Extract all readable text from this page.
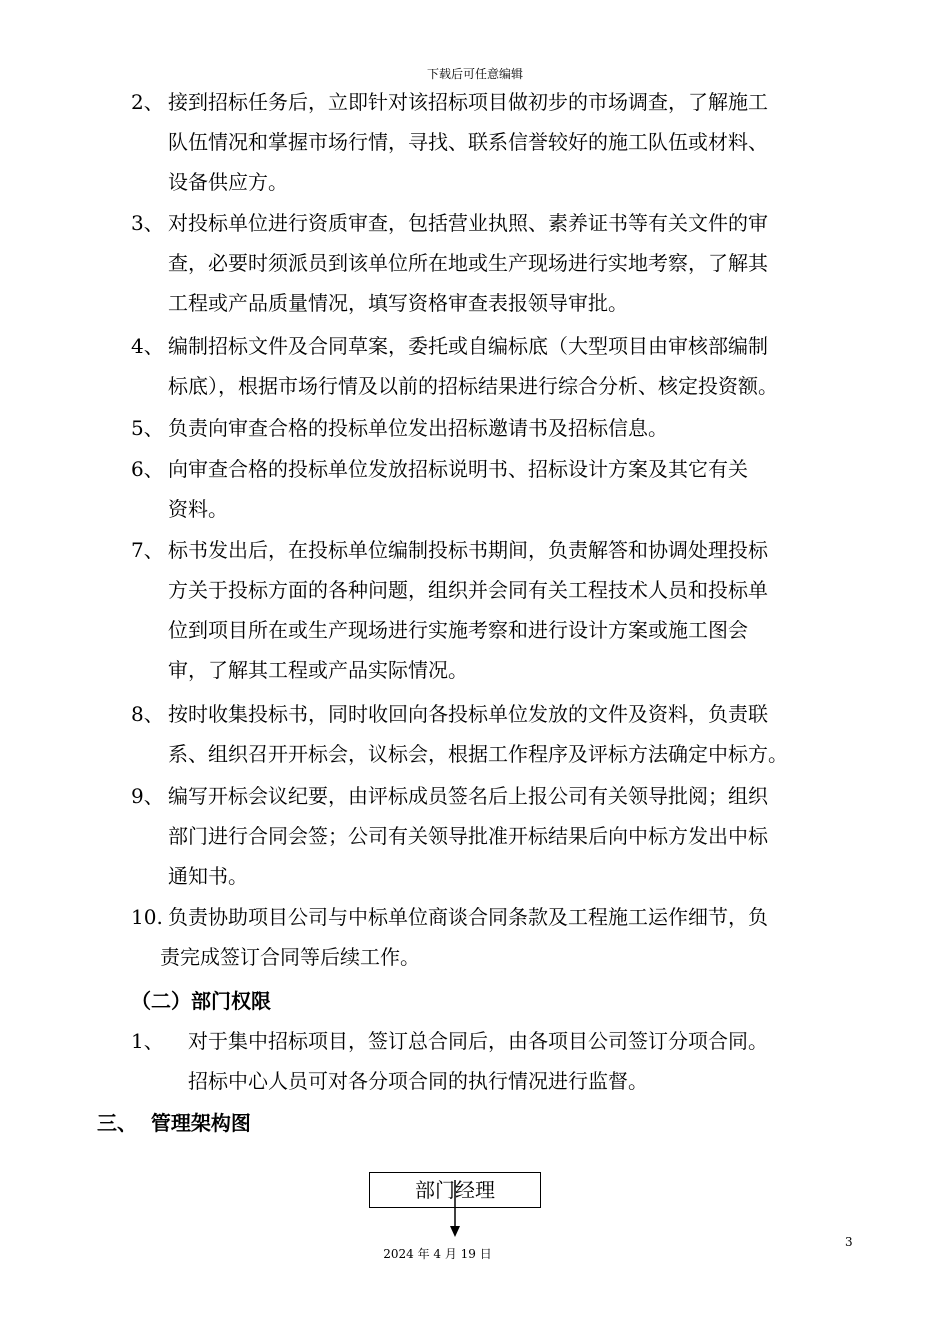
下载后可任意编辑
2、 接到招标任务后，立即针对该招标项目做初步的市场调查，了解施工

队伍情况和掌握市场行情，寻找、联系信誉较好的施工队伍或材料、

设备供应方。

3、 对投标单位进行资质审查，包括营业执照、素养证书等有关文件的审

查，必要时须派员到该单位所在地或生产现场进行实地考察，了解其

工程或产品质量情况，填写资格审查表报领导审批。

4、 编制招标文件及合同草案，委托或自编标底（大型项目由审核部编制

标底），根据市场行情及以前的招标结果进行综合分析、核定投资额。

5、 负责向审查合格的投标单位发出招标邀请书及招标信息。

6、 向审查合格的投标单位发放招标说明书、招标设计方案及其它有关

资料。

7、 标书发出后，在投标单位编制投标书期间，负责解答和协调处理投标

方关于投标方面的各种问题，组织并会同有关工程技术人员和投标单

位到项目所在或生产现场进行实施考察和进行设计方案或施工图会

审，了解其工程或产品实际情况。

8、 按时收集投标书，同时收回向各投标单位发放的文件及资料，负责联

系、组织召开开标会，议标会，根据工作程序及评标方法确定中标方。

9、 编写开标会议纪要，由评标成员签名后上报公司有关领导批阅；组织

部门进行合同会签；公司有关领导批准开标结果后向中标方发出中标

通知书。

10. 负责协助项目公司与中标单位商谈合同条款及工程施工运作细节，负
责完成签订合同等后续工作。
（二）部门权限
1、 对于集中招标项目，签订总合同后，由各项目公司签订分项合同。

招标中心人员可对各分项合同的执行情况进行监督。

三、  管理架构图
部门经理
3
2024 年 4 月 19 日
